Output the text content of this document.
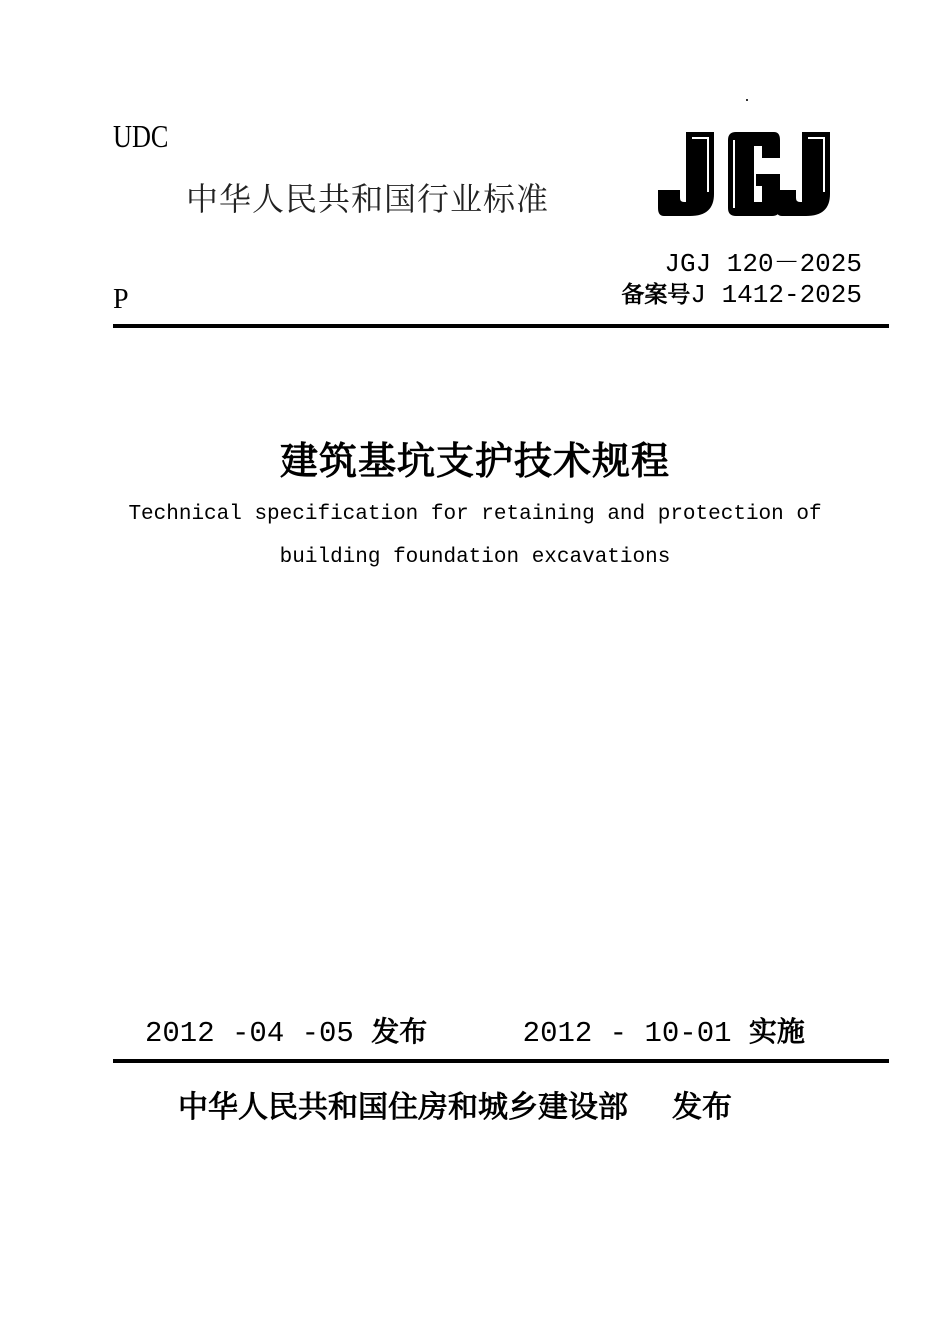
UDC
中华人民共和国行业标准
JGJ 120－2025
备案号J 1412-2025
P
建筑基坑支护技术规程
Technical specification for retaining and protection of
building foundation excavations
2012 -04 -05 发布	2012 - 10-01 实施
中华人民共和国住房和城乡建设部 发布
